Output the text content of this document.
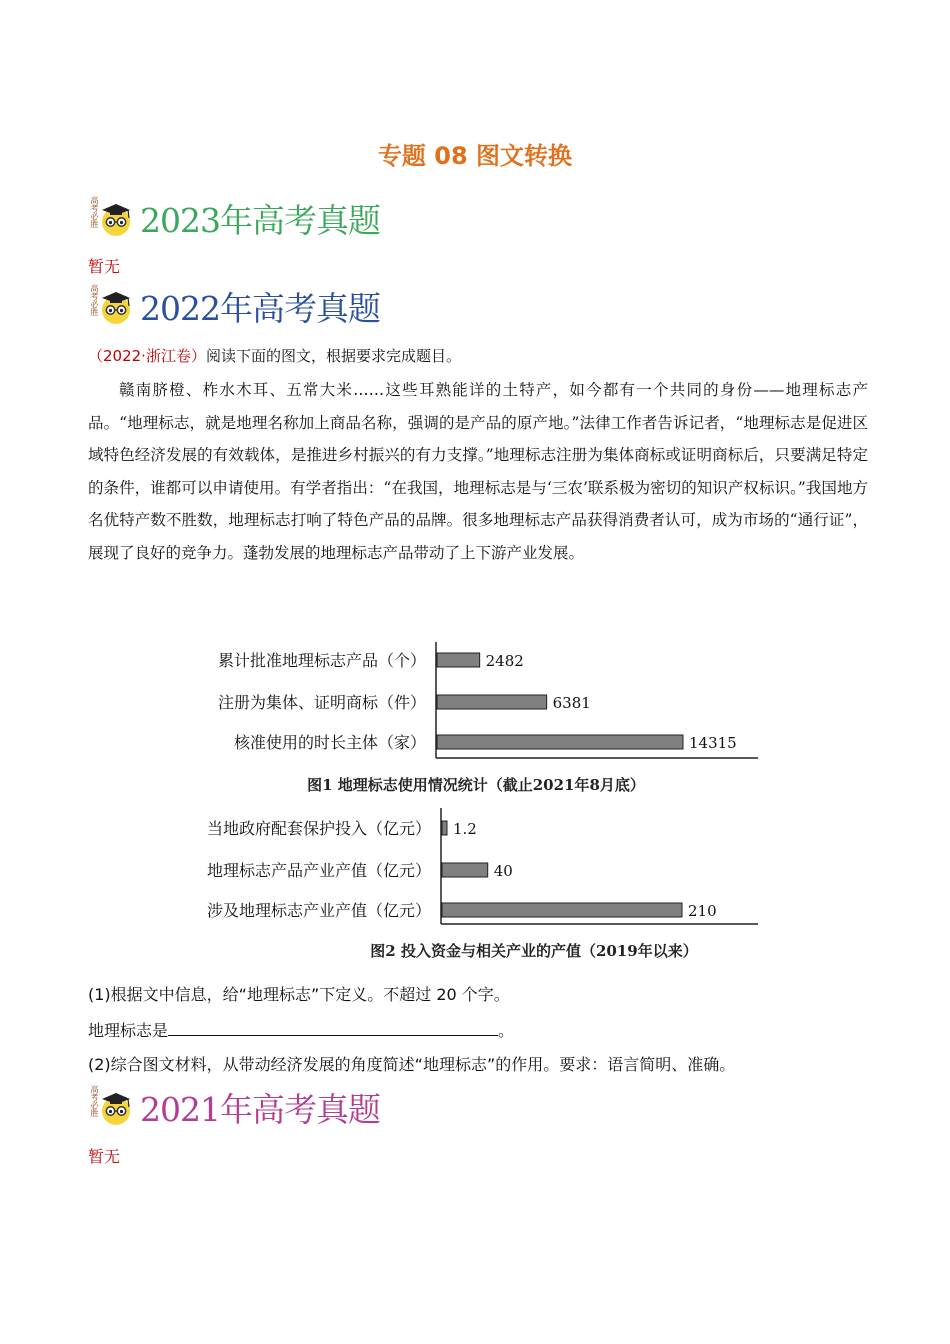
专题 08 图文转换
高考必胜 2023年高考真题
暂无
高考必胜 2022年高考真题
（2022·浙江卷）阅读下面的图文，根据要求完成题目。

赣南脐橙、柞水木耳、五常大米……这些耳熟能详的土特产，如今都有一个共同的身份——地理标志产品。“地理标志，就是地理名称加上商品名称，强调的是产品的原产地。”法律工作者告诉记者，“地理标志是促进区域特色经济发展的有效载体，是推进乡村振兴的有力支撑。”地理标志注册为集体商标或证明商标后，只要满足特定的条件，谁都可以申请使用。有学者指出：“在我国，地理标志是与‘三农’联系极为密切的知识产权标识。”我国地方名优特产数不胜数，地理标志打响了特色产品的品牌。很多地理标志产品获得消费者认可，成为市场的“通行证”，展现了良好的竞争力。蓬勃发展的地理标志产品带动了上下游产业发展。

累计批准地理标志产品（个）	2482
注册为集体、证明商标（件）	6381
核准使用的时长主体（家）	14315
图1 地理标志使用情况统计（截止2021年8月底）
当地政府配套保护投入（亿元） 1.2
地理标志产品产业产值（亿元）	40
涉及地理标志产业产值（亿元）	210
图2 投入资金与相关产业的产值（2019年以来）
(1)根据文中信息，给“地理标志”下定义。不超过 20 个字。
地理标志是	。
(2)综合图文材料，从带动经济发展的角度简述“地理标志”的作用。要求：语言简明、准确。
高考必胜 2021年高考真题
暂无
